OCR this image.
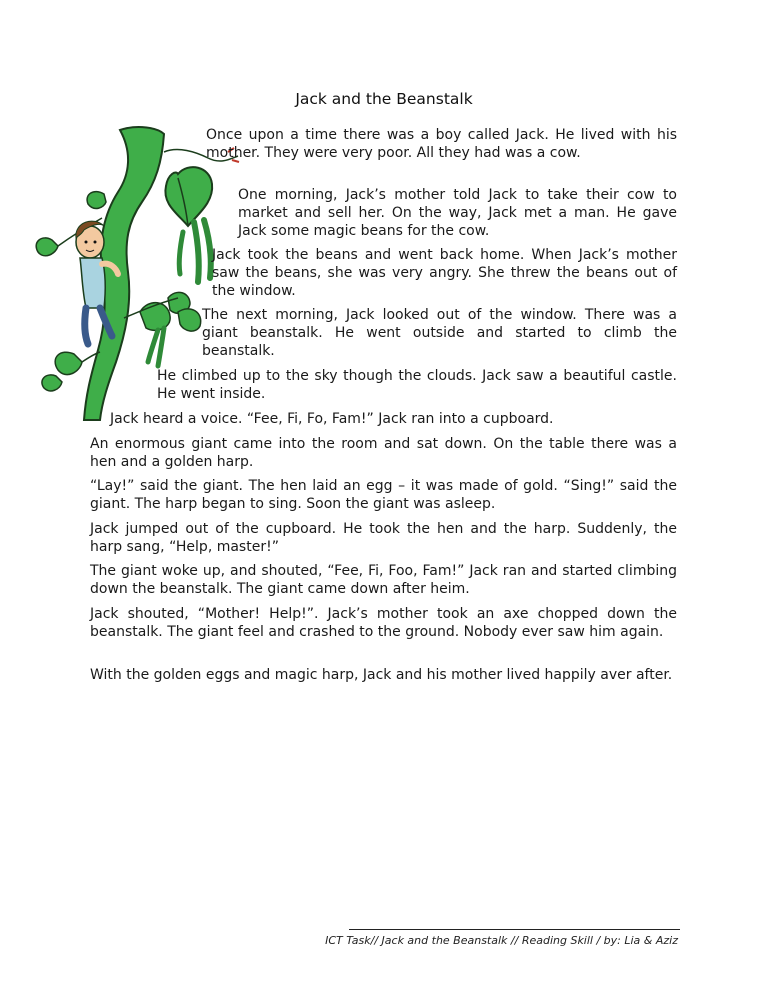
Jack and the Beanstalk

Once upon a time there was a boy called Jack. He lived with his mother. They were very poor. All they had was a cow.

One morning, Jack’s mother told Jack to take their cow to market and sell her. On the way, Jack met a man. He gave Jack some magic beans for the cow.

Jack took the beans and went back home. When Jack’s mother saw the beans, she was very angry. She threw the beans out of the window.

The next morning, Jack looked out of the window. There was a giant beanstalk. He went outside and started to climb the beanstalk.

He climbed up to the sky though the clouds. Jack saw a beautiful castle. He went inside.

Jack heard a voice. “Fee, Fi, Fo, Fam!” Jack ran into a cupboard.

An enormous giant came into the room and sat down. On the table there was a hen and a golden harp.

“Lay!” said the giant. The hen laid an egg – it was made of gold. “Sing!” said the giant. The harp began to sing. Soon the giant was asleep.

Jack jumped out of the cupboard. He took the hen and the harp. Suddenly, the harp sang, “Help, master!”

The giant woke up, and shouted, “Fee, Fi, Foo, Fam!” Jack ran and started climbing down the beanstalk. The giant came down after heim.

Jack shouted, “Mother! Help!”. Jack’s mother took an axe chopped down the beanstalk. The giant feel and crashed to the ground. Nobody ever saw him again.

With the golden eggs and magic harp, Jack and his mother lived happily aver after.

ICT Task// Jack and the Beanstalk // Reading Skill / by: Lia & Aziz
